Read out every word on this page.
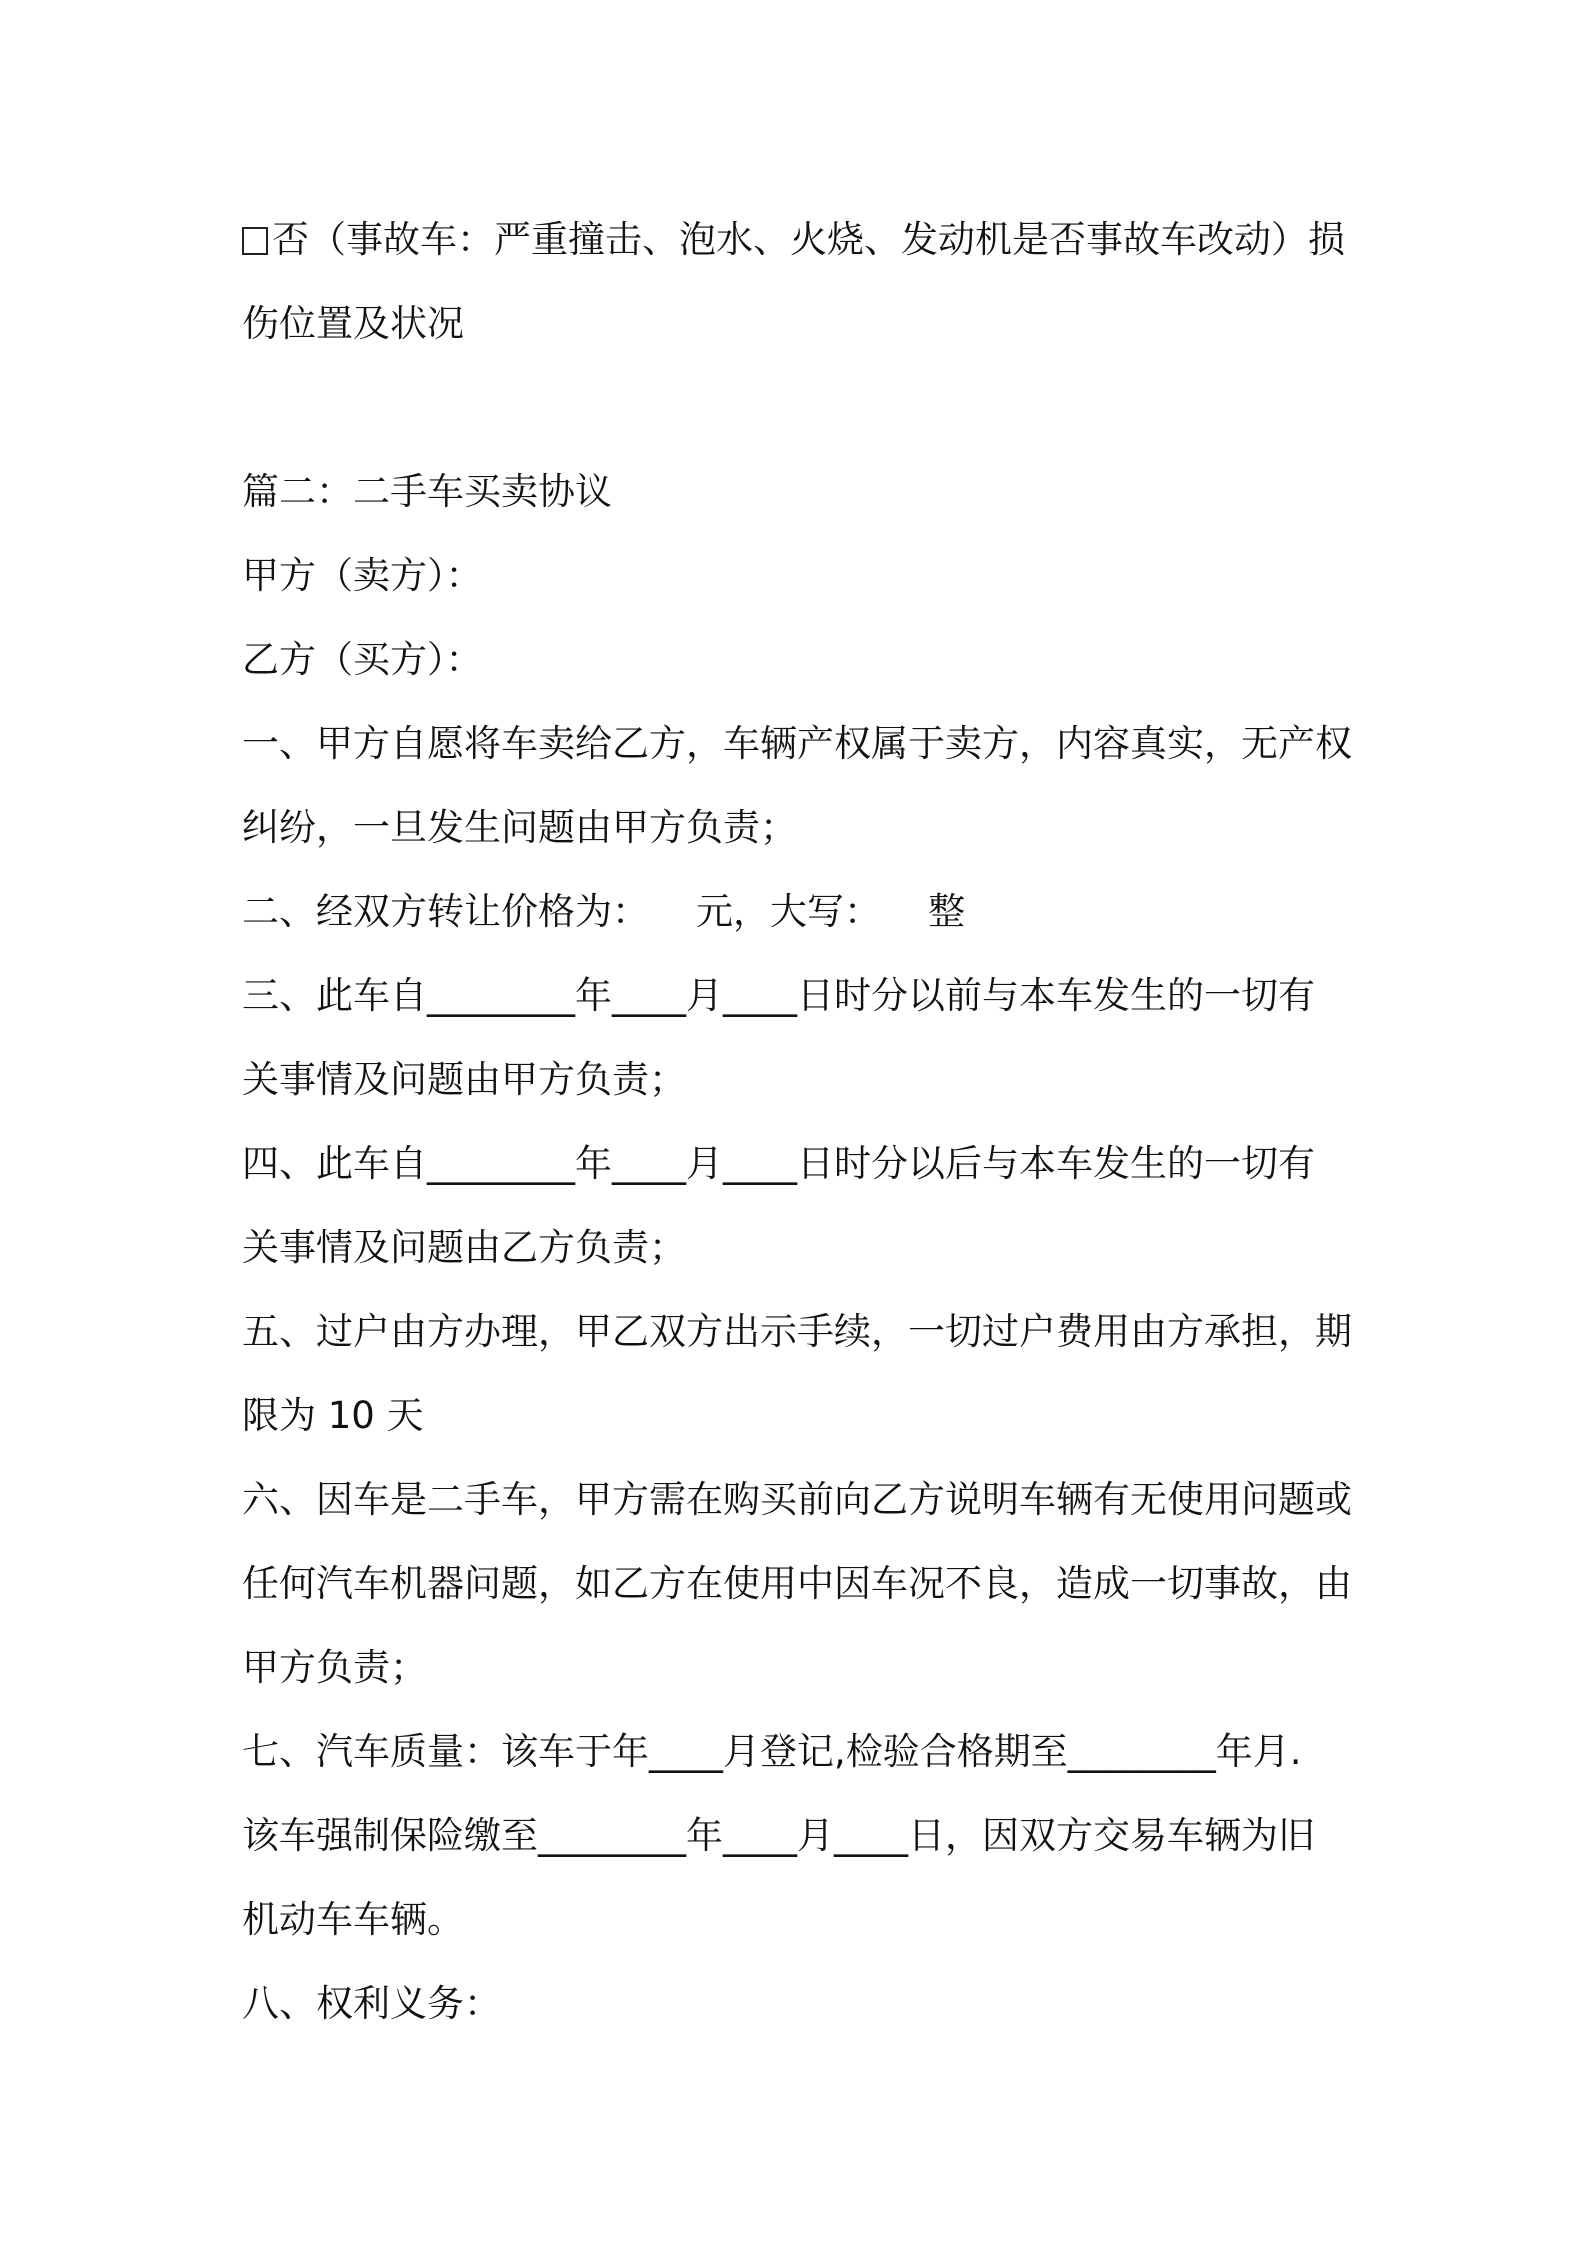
否（事故车：严重撞击、泡水、火烧、发动机是否事故车改动）损

伤位置及状况

篇二：二手车买卖协议

甲方（卖方）：

乙方（买方）：

一、甲方自愿将车卖给乙方，车辆产权属于卖方，内容真实，无产权

纠纷，一旦发生问题由甲方负责；

二、经双方转让价格为：    元，大写：    整

三、此车自________年____月____日时分以前与本车发生的一切有

关事情及问题由甲方负责；

四、此车自________年____月____日时分以后与本车发生的一切有

关事情及问题由乙方负责；

五、过户由方办理，甲乙双方出示手续，一切过户费用由方承担，期

限为 10 天

六、因车是二手车，甲方需在购买前向乙方说明车辆有无使用问题或

任何汽车机器问题，如乙方在使用中因车况不良，造成一切事故，由

甲方负责；

七、汽车质量：该车于年____月登记,检验合格期至________年月.

该车强制保险缴至________年____月____日，因双方交易车辆为旧

机动车车辆。

八、权利义务：
